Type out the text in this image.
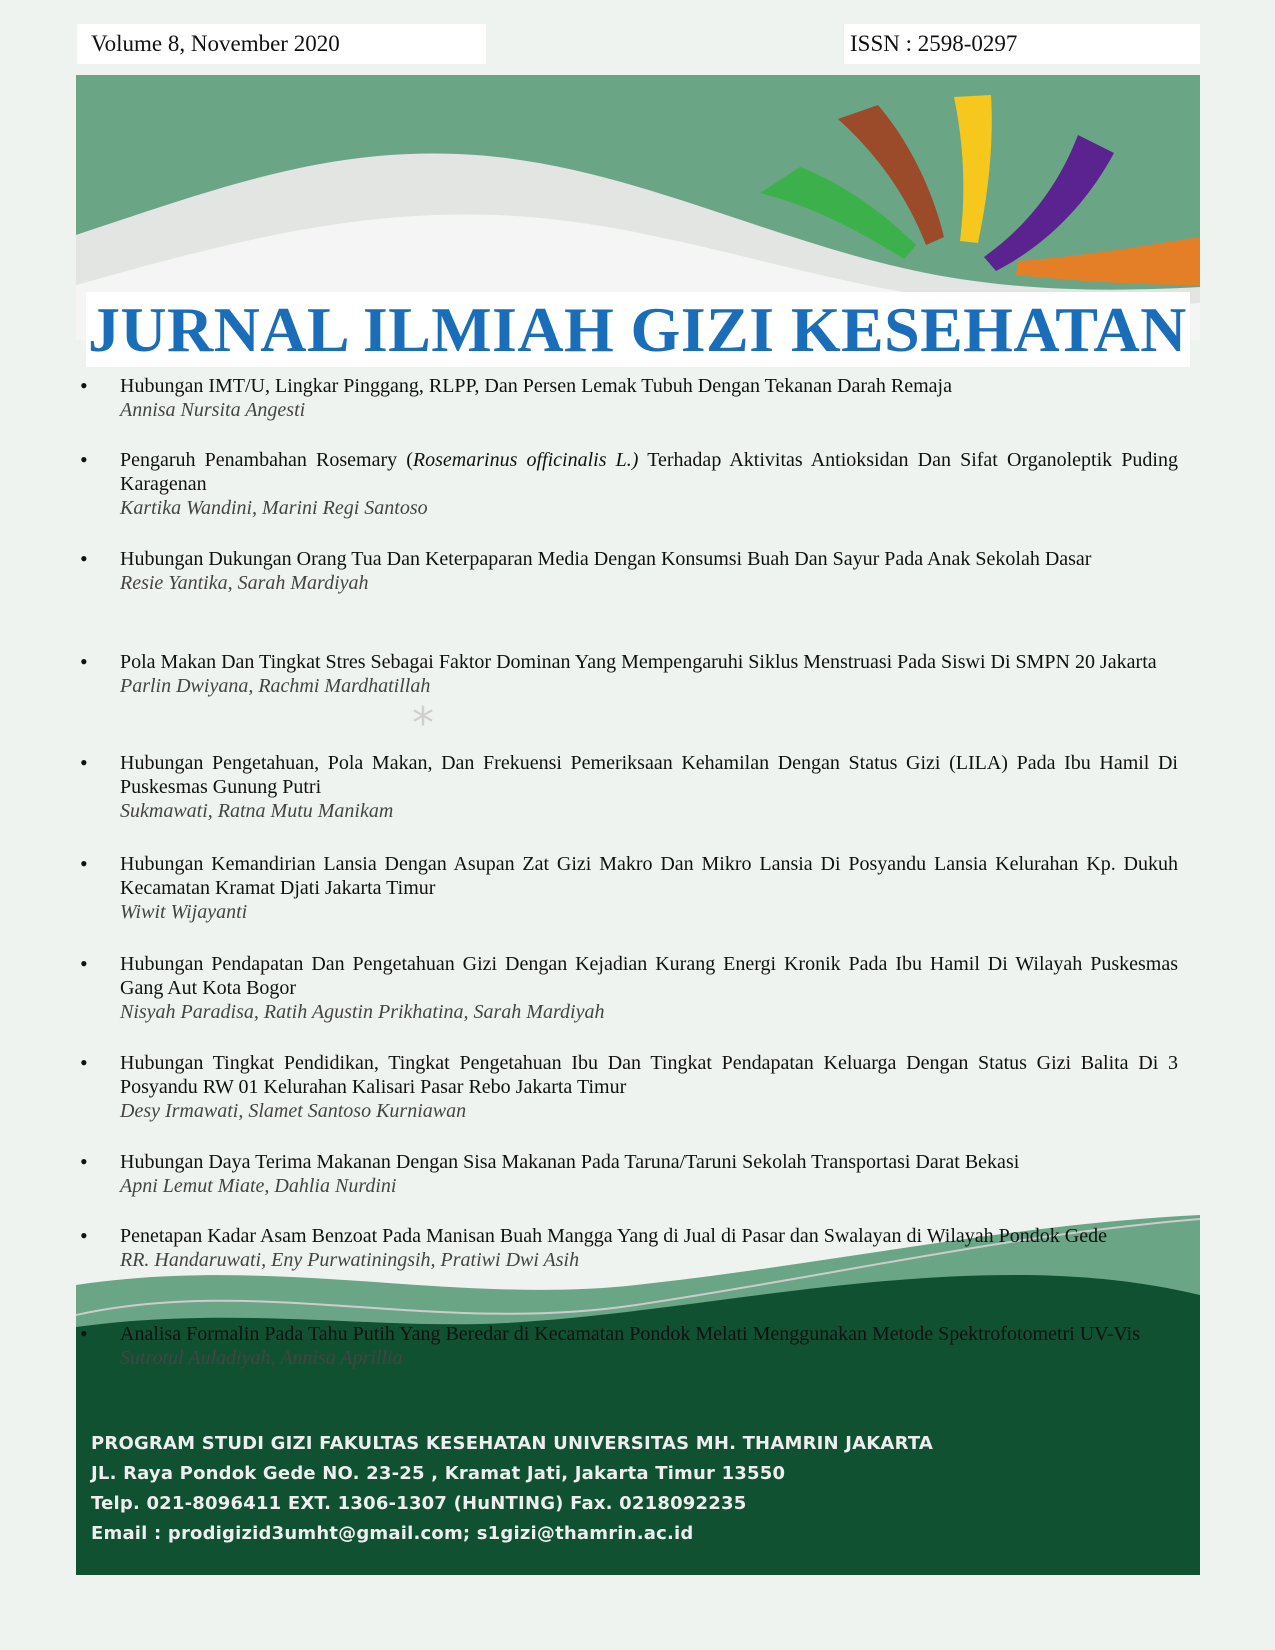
Volume 8, November 2020	ISSN : 2598-0297
JURNAL ILMIAH GIZI KESEHATAN
*
• Hubungan IMT/U, Lingkar Pinggang, RLPP, Dan Persen Lemak Tubuh Dengan Tekanan Darah Remaja
Annisa Nursita Angesti
• Pengaruh Penambahan Rosemary (Rosemarinus officinalis L.) Terhadap Aktivitas Antioksidan Dan Sifat Organoleptik Puding Karagenan
Kartika Wandini, Marini Regi Santoso
• Hubungan Dukungan Orang Tua Dan Keterpaparan Media Dengan Konsumsi Buah Dan Sayur Pada Anak Sekolah Dasar
Resie Yantika, Sarah Mardiyah
• Pola Makan Dan Tingkat Stres Sebagai Faktor Dominan Yang Mempengaruhi Siklus Menstruasi Pada Siswi Di SMPN 20 Jakarta
Parlin Dwiyana, Rachmi Mardhatillah
• Hubungan Pengetahuan, Pola Makan, Dan Frekuensi Pemeriksaan Kehamilan Dengan Status Gizi (LILA) Pada Ibu Hamil Di Puskesmas Gunung Putri
Sukmawati, Ratna Mutu Manikam
• Hubungan Kemandirian Lansia Dengan Asupan Zat Gizi Makro Dan Mikro Lansia Di Posyandu Lansia Kelurahan Kp. Dukuh Kecamatan Kramat Djati Jakarta Timur
Wiwit Wijayanti
• Hubungan Pendapatan Dan Pengetahuan Gizi Dengan Kejadian Kurang Energi Kronik Pada Ibu Hamil Di Wilayah Puskesmas Gang Aut Kota Bogor
Nisyah Paradisa, Ratih Agustin Prikhatina, Sarah Mardiyah
• Hubungan Tingkat Pendidikan, Tingkat Pengetahuan Ibu Dan Tingkat Pendapatan Keluarga Dengan Status Gizi Balita Di 3 Posyandu RW 01 Kelurahan Kalisari Pasar Rebo Jakarta Timur
Desy Irmawati, Slamet Santoso Kurniawan
• Hubungan Daya Terima Makanan Dengan Sisa Makanan Pada Taruna/Taruni Sekolah Transportasi Darat Bekasi
Apni Lemut Miate, Dahlia Nurdini
• Penetapan Kadar Asam Benzoat Pada Manisan Buah Mangga Yang di Jual di Pasar dan Swalayan di Wilayah Pondok Gede
RR. Handaruwati, Eny Purwatiningsih, Pratiwi Dwi Asih
• Analisa Formalin Pada Tahu Putih Yang Beredar di Kecamatan Pondok Melati Menggunakan Metode Spektrofotometri UV-Vis
Sutrotul Auladiyah, Annisa Aprillia
PROGRAM STUDI GIZI FAKULTAS KESEHATAN UNIVERSITAS MH. THAMRIN JAKARTA
JL. Raya Pondok Gede NO. 23-25 , Kramat Jati, Jakarta Timur 13550
Telp. 021-8096411 EXT. 1306-1307 (HuNTING) Fax. 0218092235
Email : prodigizid3umht@gmail.com; s1gizi@thamrin.ac.id
